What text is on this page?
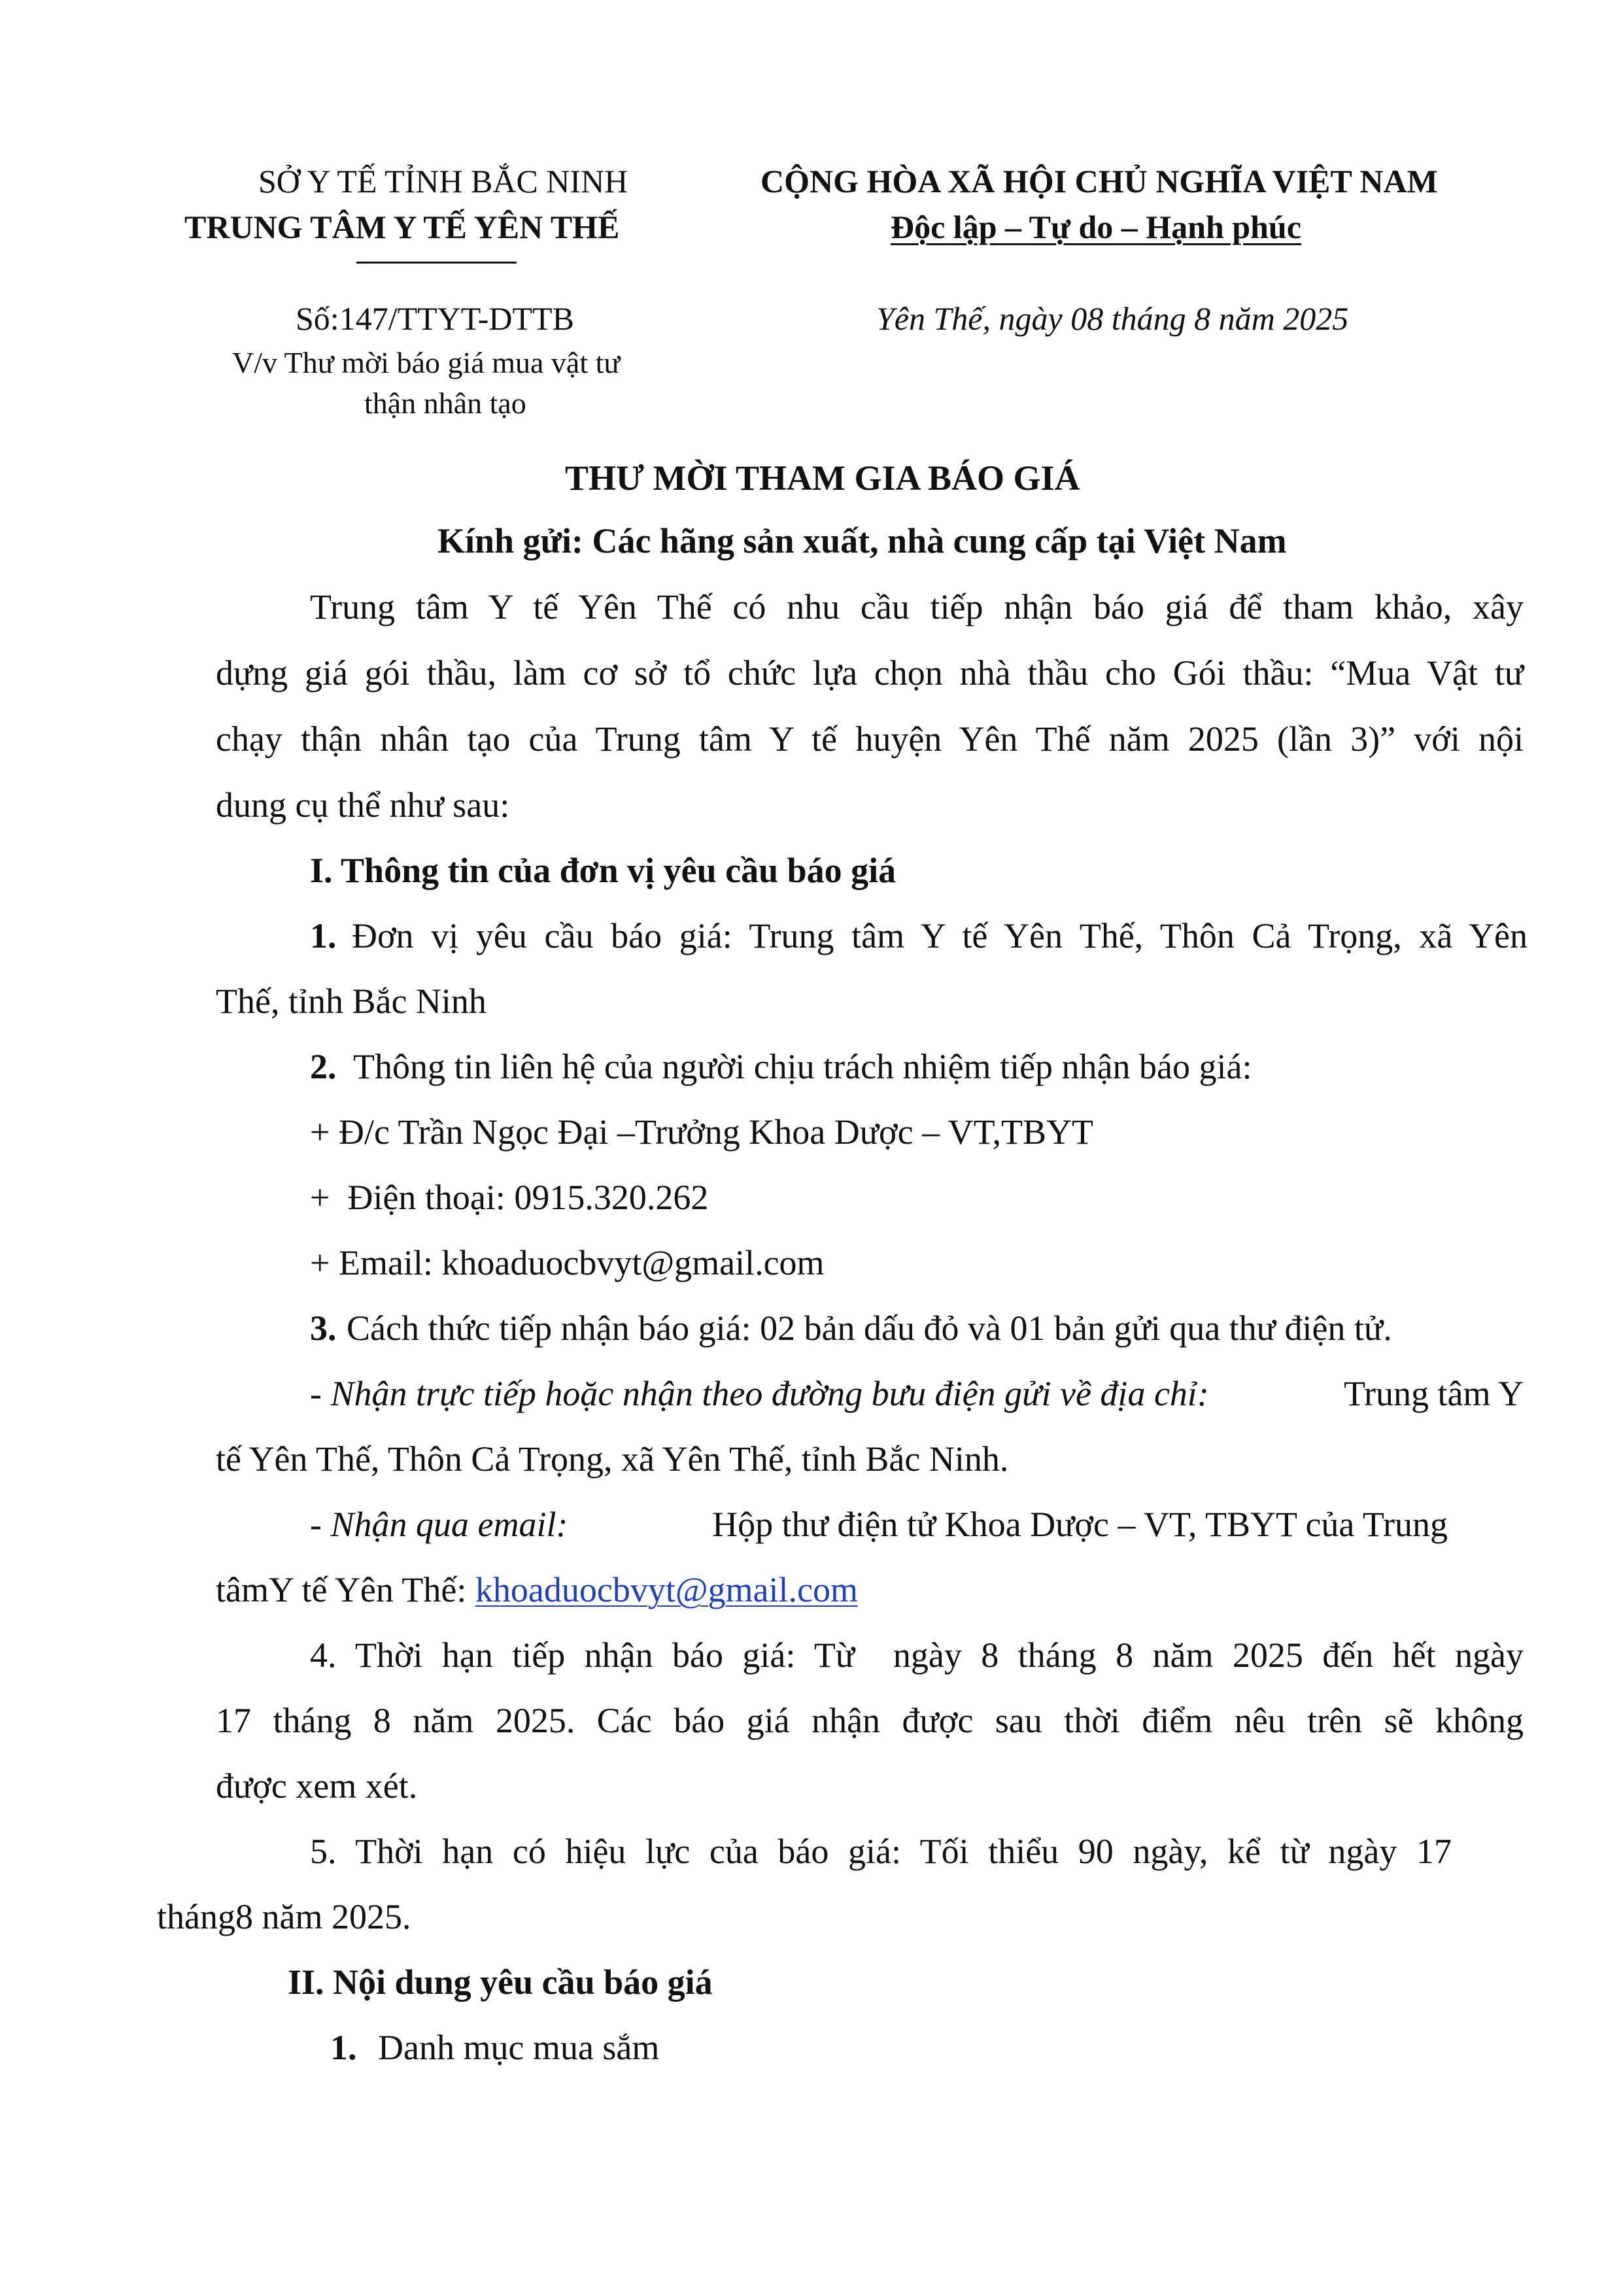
SỞ Y TẾ TỈNH BẮC NINH
TRUNG TÂM Y TẾ YÊN THẾ
Số:147/TTYT-DTTB
V/v Thư mời báo giá mua vật tư
thận nhân tạo
CỘNG HÒA XÃ HỘI CHỦ NGHĨA VIỆT NAM
Độc lập – Tự do – Hạnh phúc
Yên Thế, ngày 08 tháng 8 năm 2025
THƯ MỜI THAM GIA BÁO GIÁ
Kính gửi: Các hãng sản xuất, nhà cung cấp tại Việt Nam
Trung tâm Y tế Yên Thế có nhu cầu tiếp nhận báo giá để tham khảo, xây
dựng giá gói thầu, làm cơ sở tổ chức lựa chọn nhà thầu cho Gói thầu: “Mua Vật tư
chạy thận nhân tạo của Trung tâm Y tế huyện Yên Thế năm 2025 (lần 3)” với nội
dung cụ thể như sau:
I. Thông tin của đơn vị yêu cầu báo giá
1. Đơn vị yêu cầu báo giá: Trung tâm Y tế Yên Thế, Thôn Cả Trọng, xã Yên
Thế, tỉnh Bắc Ninh
2. Thông tin liên hệ của người chịu trách nhiệm tiếp nhận báo giá:
+ Đ/c Trần Ngọc Đại –Trưởng Khoa Dược – VT,TBYT
+  Điện thoại: 0915.320.262
+ Email: khoaduocbvyt@gmail.com
3. Cách thức tiếp nhận báo giá: 02 bản dấu đỏ và 01 bản gửi qua thư điện tử.
- Nhận trực tiếp hoặc nhận theo đường bưu điện gửi về địa chỉ:	Trung tâm Y
tế Yên Thế, Thôn Cả Trọng, xã Yên Thế, tỉnh Bắc Ninh.
- Nhận qua email:	Hộp thư điện tử Khoa Dược – VT, TBYT của Trung
tâmY tế Yên Thế: khoaduocbvyt@gmail.com
4. Thời hạn tiếp nhận báo giá: Từ  ngày 8 tháng 8 năm 2025 đến hết ngày
17 tháng 8 năm 2025. Các báo giá nhận được sau thời điểm nêu trên sẽ không
được xem xét.
5. Thời hạn có hiệu lực của báo giá: Tối thiểu 90 ngày, kể từ ngày 17
tháng8 năm 2025.
II. Nội dung yêu cầu báo giá
1. Danh mục mua sắm
